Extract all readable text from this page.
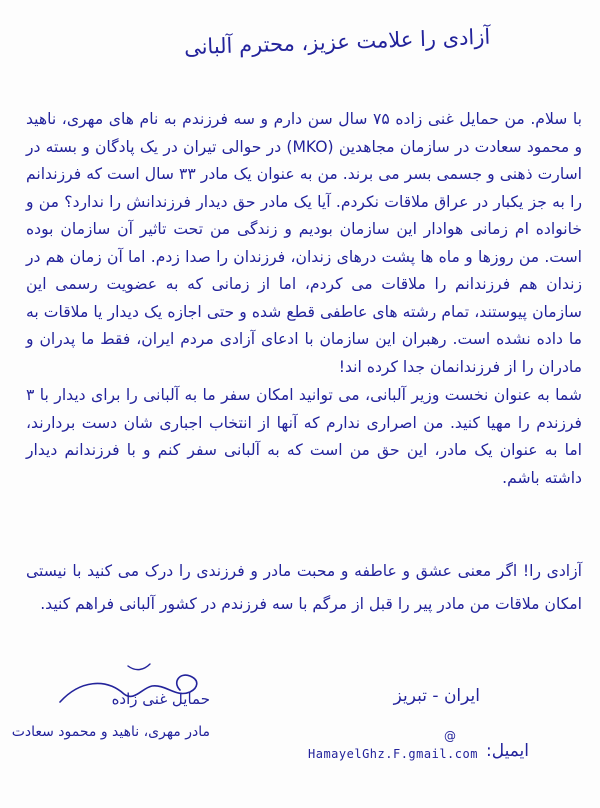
آزادی را علامت عزیز، محترم آلبانی

با سلام. من حمایل غنی زاده ۷۵ سال سن دارم و سه فرزندم به نام های مهری، ناهید و محمود سعادت در سازمان مجاهدین (MKO) در حوالی تیران در یک پادگان و بسته در اسارت ذهنی و جسمی بسر می برند. من به عنوان یک مادر ۳۳ سال است که فرزندانم را به جز یکبار در عراق ملاقات نکردم. آیا یک مادر حق دیدار فرزندانش را ندارد؟ من و خانواده ام زمانی هوادار این سازمان بودیم و زندگی من تحت تاثیر آن سازمان بوده است. من روزها و ماه ها پشت درهای زندان، فرزندان را صدا زدم. اما آن زمان هم در زندان هم فرزندانم را ملاقات می کردم، اما از زمانی که به عضویت رسمی این سازمان پیوستند، تمام رشته های عاطفی قطع شده و حتی اجازه یک دیدار یا ملاقات به ما داده نشده است. رهبران این سازمان با ادعای آزادی مردم ایران، فقط ما پدران و مادران را از فرزندانمان جدا کرده اند!

شما به عنوان نخست وزیر آلبانی، می توانید امکان سفر ما به آلبانی را برای دیدار با ۳ فرزندم را مهیا کنید. من اصراری ندارم که آنها از انتخاب اجباری شان دست بردارند، اما به عنوان یک مادر، این حق من است که به آلبانی سفر کنم و با فرزندانم دیدار داشته باشم.

آزادی را! اگر معنی عشق و عاطفه و محبت مادر و فرزندی را درک می کنید با نیستی امکان ملاقات من مادر پیر را قبل از مرگم با سه فرزندم در کشور آلبانی فراهم کنید.
حمایل غنی زاده
مادر مهری، ناهید و محمود سعادت
ایران - تبریز
@
HamayelGhz.F.gmail.com ایمیل:
